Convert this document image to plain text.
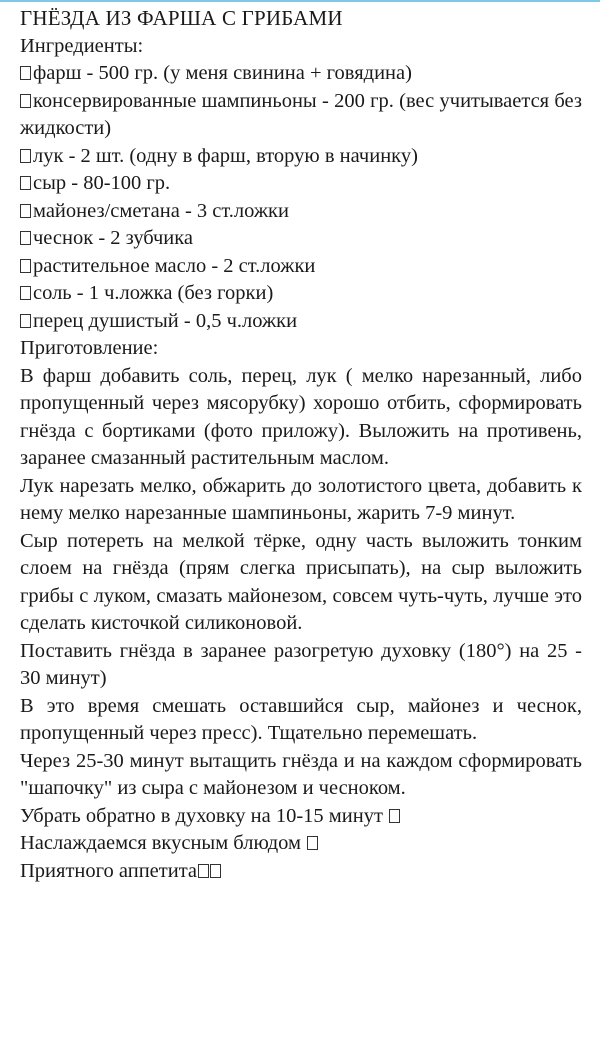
ГНЁЗДА ИЗ ФАРША С ГРИБАМИ

Ингредиенты:

фарш - 500 гр. (у меня свинина + говядина)

консервированные шампиньоны - 200 гр. (вес учитывается без жидкости)

лук - 2 шт. (одну в фарш, вторую в начинку)

сыр - 80-100 гр.

майонез/сметана - 3 ст.ложки

чеснок - 2 зубчика

растительное масло - 2 ст.ложки

соль - 1 ч.ложка (без горки)

перец душистый - 0,5 ч.ложки

Приготовление:

В фарш добавить соль, перец, лук ( мелко нарезанный, либо пропущенный через мясорубку) хорошо отбить, сформировать гнёзда с бортиками (фото приложу). Выложить на противень, заранее смазанный растительным маслом.

Лук нарезать мелко, обжарить до золотистого цвета, добавить к нему мелко нарезанные шампиньоны, жарить 7-9 минут.

Сыр потереть на мелкой тёрке, одну часть выложить тонким слоем на гнёзда (прям слегка присыпать), на сыр выложить грибы с луком, смазать майонезом, совсем чуть-чуть, лучше это сделать кисточкой силиконовой.

Поставить гнёзда в заранее разогретую духовку (180°) на 25 - 30 минут)

В это время смешать оставшийся сыр, майонез и чеснок, пропущенный через пресс). Тщательно перемешать.

Через 25-30 минут вытащить гнёзда и на каждом сформировать "шапочку" из сыра с майонезом и чесноком.

Убрать обратно в духовку на 10-15 минут

Наслаждаемся вкусным блюдом

Приятного аппетита
